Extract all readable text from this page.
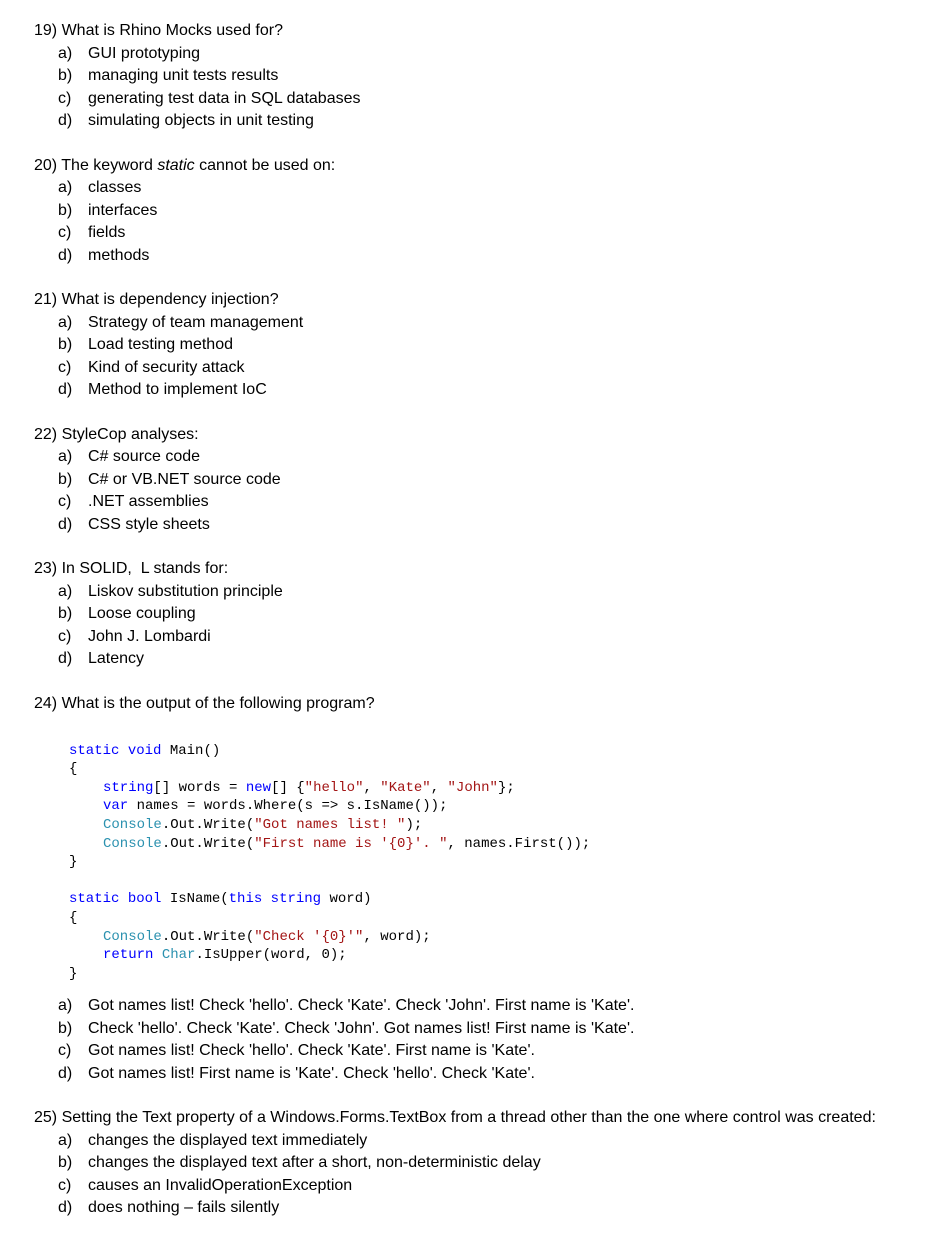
19) What is Rhino Mocks used for?
a) GUI prototyping
b) managing unit tests results
c)	generating test data in SQL databases
d) simulating objects in unit testing
20) The keyword static cannot be used on:
a) classes
b) interfaces
c)	fields
d) methods
21) What is dependency injection?
a) Strategy of team management
b) Load testing method
c)	Kind of security attack
d) Method to implement IoC
22) StyleCop analyses:
a) C# source code
b) C# or VB.NET source code
c)	.NET assemblies
d) CSS style sheets
23) In SOLID,  L stands for:
a) Liskov substitution principle
b) Loose coupling
c)	John J. Lombardi
d) Latency
24) What is the output of the following program?

static void Main()
{
string[] words = new[] {"hello", "Kate", "John"};
var names = words.Where(s => s.IsName());
Console.Out.Write("Got names list! ");
Console.Out.Write("First name is '{0}'. ", names.First());
}
static bool IsName(this string word)
{
Console.Out.Write("Check '{0}'", word);
return Char.IsUpper(word, 0);
}
a) Got names list! Check 'hello'. Check 'Kate'. Check 'John'. First name is 'Kate'.
b) Check 'hello'. Check 'Kate'. Check 'John'. Got names list! First name is 'Kate'.
c)	Got names list! Check 'hello'. Check 'Kate'. First name is 'Kate'.
d) Got names list! First name is 'Kate'. Check 'hello'. Check 'Kate'.
25) Setting the Text property of a Windows.Forms.TextBox from a thread other than the one where control was created:
a) changes the displayed text immediately
b) changes the displayed text after a short, non-deterministic delay
c)	causes an InvalidOperationException
d) does nothing – fails silently
